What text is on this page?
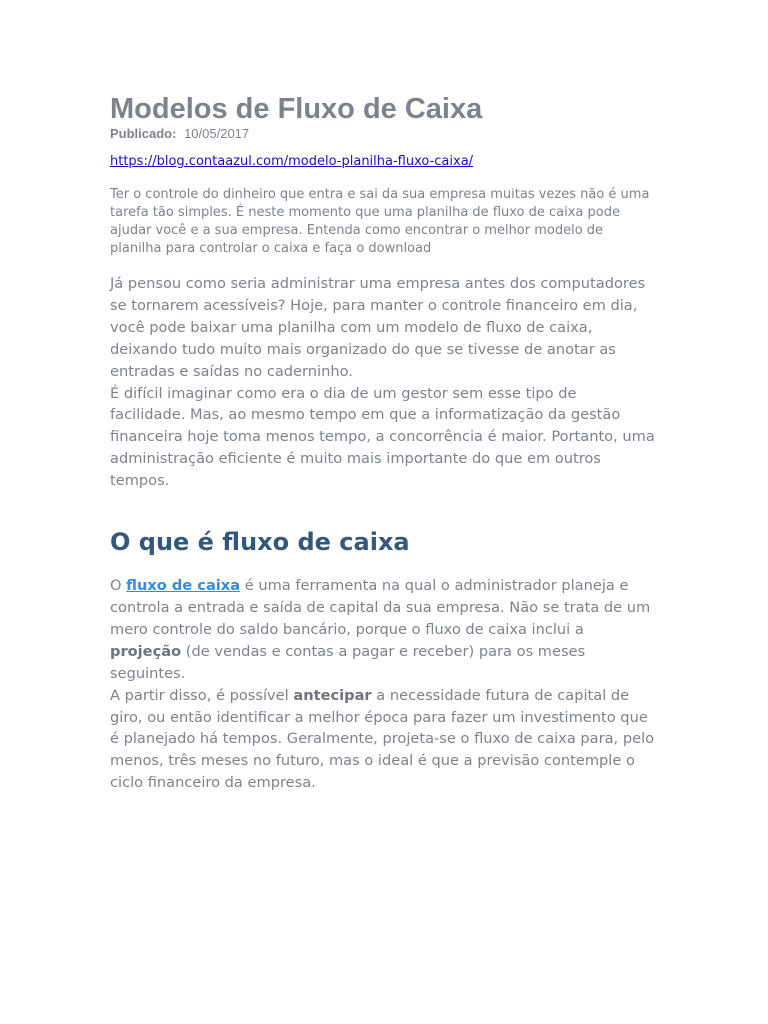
Modelos de Fluxo de Caixa
Publicado: 10/05/2017
https://blog.contaazul.com/modelo-planilha-fluxo-caixa/

Ter o controle do dinheiro que entra e sai da sua empresa muitas vezes não é uma tarefa tão simples. É neste momento que uma planilha de fluxo de caixa pode ajudar você e a sua empresa. Entenda como encontrar o melhor modelo de planilha para controlar o caixa e faça o download

Já pensou como seria administrar uma empresa antes dos computadores se tornarem acessíveis? Hoje, para manter o controle financeiro em dia, você pode baixar uma planilha com um modelo de fluxo de caixa, deixando tudo muito mais organizado do que se tivesse de anotar as entradas e saídas no caderninho.

É difícil imaginar como era o dia de um gestor sem esse tipo de facilidade. Mas, ao mesmo tempo em que a informatização da gestão financeira hoje toma menos tempo, a concorrência é maior. Portanto, uma administração eficiente é muito mais importante do que em outros tempos.

O que é fluxo de caixa

O fluxo de caixa é uma ferramenta na qual o administrador planeja e controla a entrada e saída de capital da sua empresa. Não se trata de um mero controle do saldo bancário, porque o fluxo de caixa inclui a projeção (de vendas e contas a pagar e receber) para os meses seguintes.

A partir disso, é possível antecipar a necessidade futura de capital de giro, ou então identificar a melhor época para fazer um investimento que é planejado há tempos. Geralmente, projeta-se o fluxo de caixa para, pelo menos, três meses no futuro, mas o ideal é que a previsão contemple o ciclo financeiro da empresa.
